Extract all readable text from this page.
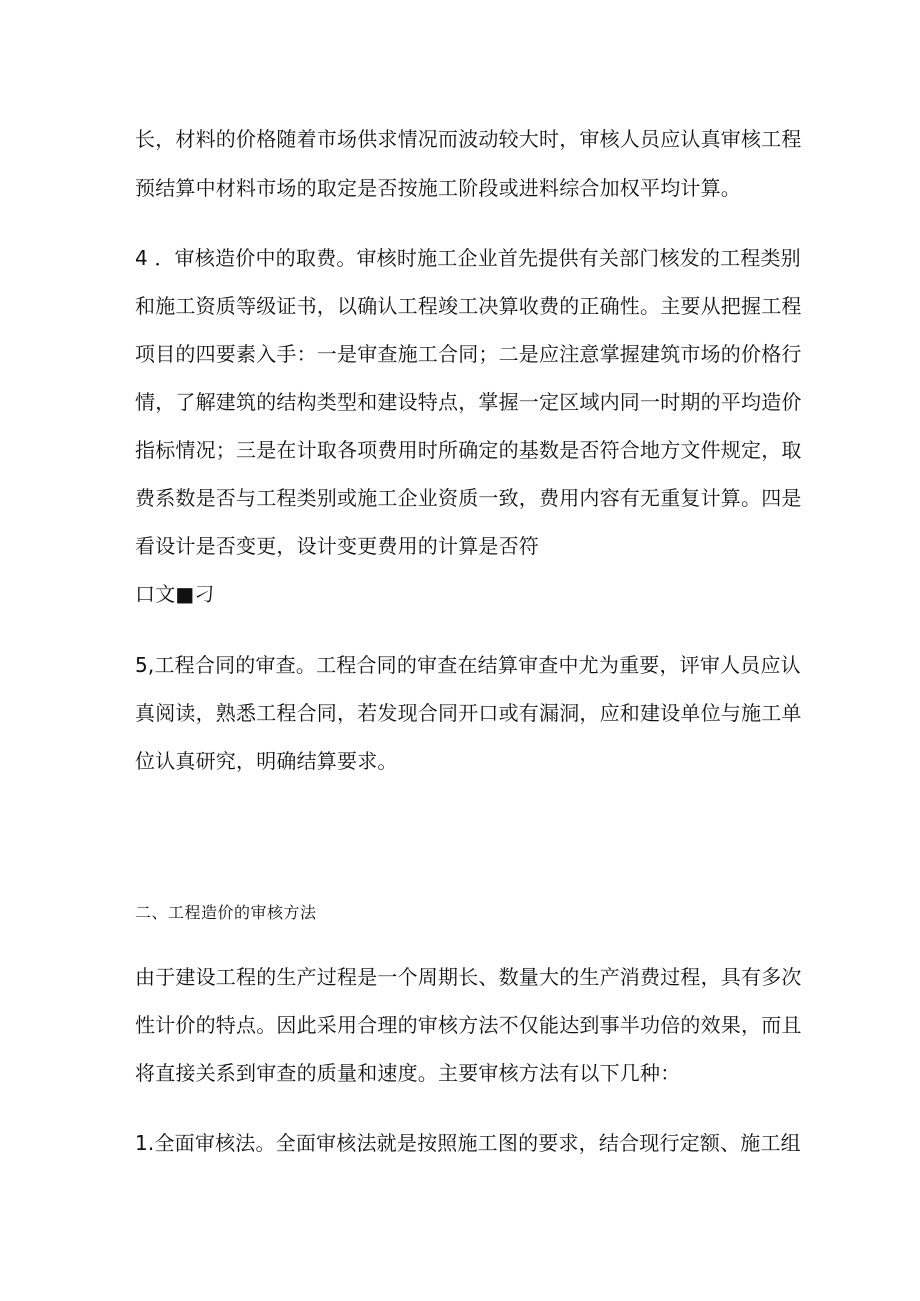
长，材料的价格随着市场供求情况而波动较大时，审核人员应认真审核工程
预结算中材料市场的取定是否按施工阶段或进料综合加权平均计算。
4 ．审核造价中的取费。审核时施工企业首先提供有关部门核发的工程类别
和施工资质等级证书，以确认工程竣工决算收费的正确性。主要从把握工程
项目的四要素入手：一是审查施工合同；二是应注意掌握建筑市场的价格行
情，了解建筑的结构类型和建设特点，掌握一定区域内同一时期的平均造价
指标情况；三是在计取各项费用时所确定的基数是否符合地方文件规定，取
费系数是否与工程类别或施工企业资质一致，费用内容有无重复计算。四是
看设计是否变更，设计变更费用的计算是否符
口文■刁
5,工程合同的审查。工程合同的审查在结算审查中尤为重要，评审人员应认
真阅读，熟悉工程合同，若发现合同开口或有漏洞，应和建设单位与施工单
位认真研究，明确结算要求。
二、工程造价的审核方法
由于建设工程的生产过程是一个周期长、数量大的生产消费过程，具有多次
性计价的特点。因此采用合理的审核方法不仅能达到事半功倍的效果，而且
将直接关系到审查的质量和速度。主要审核方法有以下几种：
1.全面审核法。全面审核法就是按照施工图的要求，结合现行定额、施工组
